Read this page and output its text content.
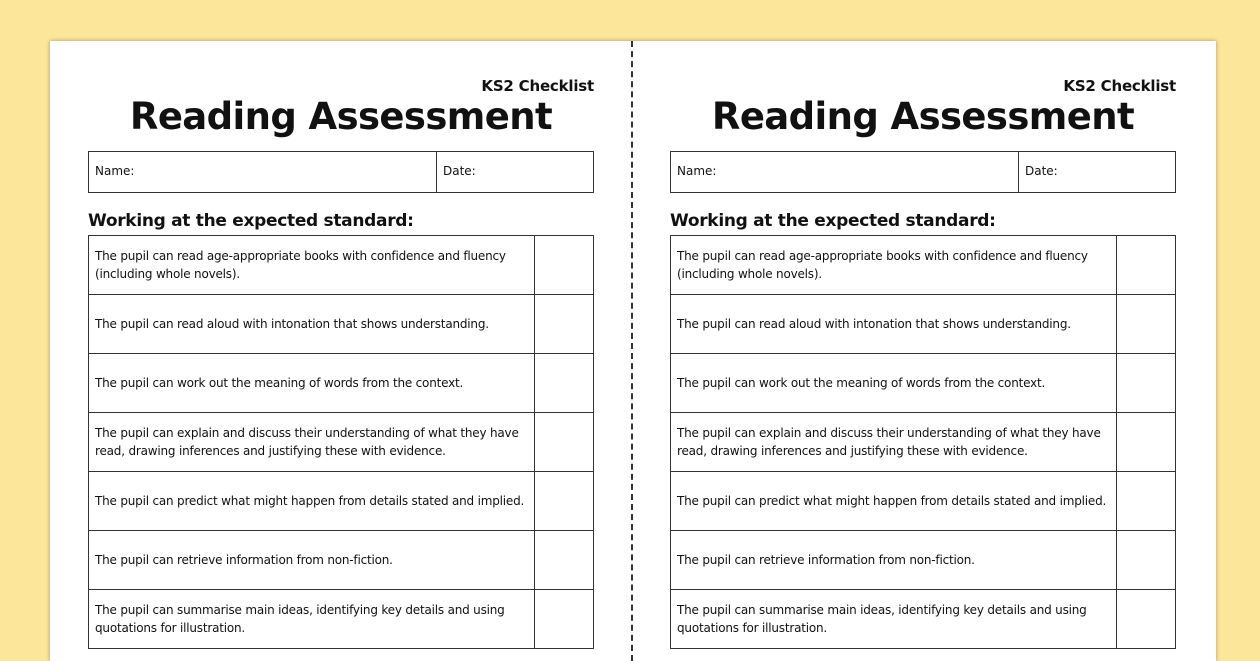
KS2 Checklist
Reading Assessment
Name:	Date:
Working at the expected standard:
The pupil can read age-appropriate books with confidence and fluency (including whole novels).
The pupil can read aloud with intonation that shows understanding.
The pupil can work out the meaning of words from the context.
The pupil can explain and discuss their understanding of what they have read, drawing inferences and justifying these with evidence.
The pupil can predict what might happen from details stated and implied.
The pupil can retrieve information from non-fiction.
The pupil can summarise main ideas, identifying key details and using quotations for illustration.
KS2 Checklist
Reading Assessment
Name:	Date:
Working at the expected standard:
The pupil can read age-appropriate books with confidence and fluency (including whole novels).
The pupil can read aloud with intonation that shows understanding.
The pupil can work out the meaning of words from the context.
The pupil can explain and discuss their understanding of what they have read, drawing inferences and justifying these with evidence.
The pupil can predict what might happen from details stated and implied.
The pupil can retrieve information from non-fiction.
The pupil can summarise main ideas, identifying key details and using quotations for illustration.
